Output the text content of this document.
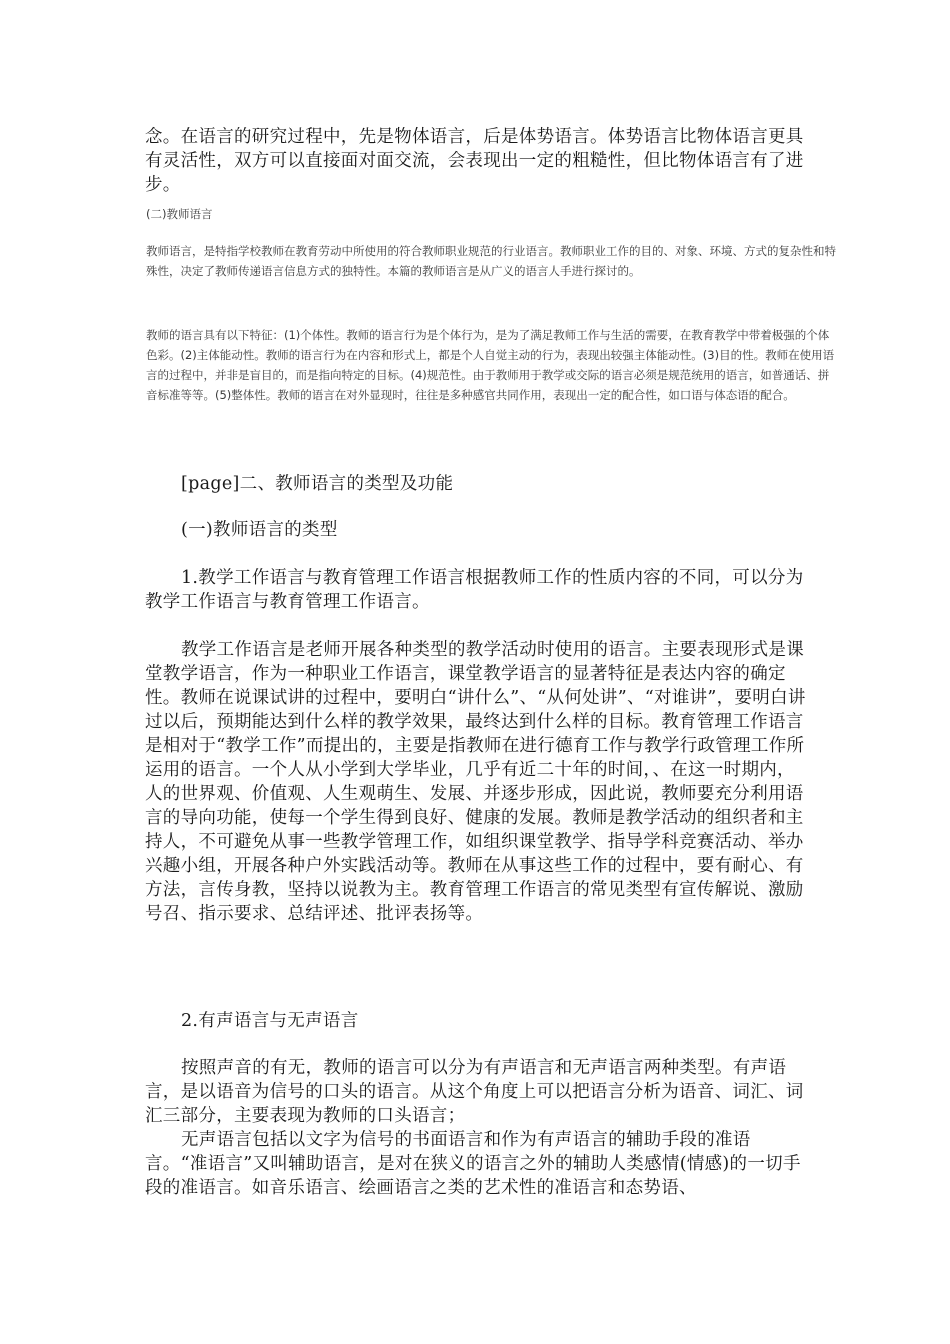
念。在语言的研究过程中，先是物体语言，后是体势语言。体势语言比物体语言更具有灵活性，双方可以直接面对面交流，会表现出一定的粗糙性，但比物体语言有了进步。

(二)教师语言

教师语言，是特指学校教师在教育劳动中所使用的符合教师职业规范的行业语言。教师职业工作的目的、对象、环境、方式的复杂性和特殊性，决定了教师传递语言信息方式的独特性。本篇的教师语言是从广义的语言人手进行探讨的。

教师的语言具有以下特征：(1)个体性。教师的语言行为是个体行为，是为了满足教师工作与生活的需要，在教育教学中带着极强的个体色彩。(2)主体能动性。教师的语言行为在内容和形式上，都是个人自觉主动的行为，表现出较强主体能动性。(3)目的性。教师在使用语言的过程中，并非是盲目的，而是指向特定的目标。(4)规范性。由于教师用于教学或交际的语言必须是规范统用的语言，如普通话、拼音标准等等。(5)整体性。教师的语言在对外显现时，往往是多种感官共同作用，表现出一定的配合性，如口语与体态语的配合。

[page]二、教师语言的类型及功能

(一)教师语言的类型

1.教学工作语言与教育管理工作语言根据教师工作的性质内容的不同，可以分为教学工作语言与教育管理工作语言。

教学工作语言是老师开展各种类型的教学活动时使用的语言。主要表现形式是课堂教学语言，作为一种职业工作语言，课堂教学语言的显著特征是表达内容的确定性。教师在说课试讲的过程中，要明白“讲什么”、“从何处讲”、“对谁讲”，要明白讲过以后，预期能达到什么样的教学效果，最终达到什么样的目标。教育管理工作语言是相对于“教学工作”而提出的，主要是指教师在进行德育工作与教学行政管理工作所运用的语言。一个人从小学到大学毕业，几乎有近二十年的时间，、在这一时期内，人的世界观、价值观、人生观萌生、发展、并逐步形成，因此说，教师要充分利用语言的导向功能，使每一个学生得到良好、健康的发展。教师是教学活动的组织者和主持人，不可避免从事一些教学管理工作，如组织课堂教学、指导学科竞赛活动、举办兴趣小组，开展各种户外实践活动等。教师在从事这些工作的过程中，要有耐心、有方法，言传身教，坚持以说教为主。教育管理工作语言的常见类型有宣传解说、激励号召、指示要求、总结评述、批评表扬等。

2.有声语言与无声语言

按照声音的有无，教师的语言可以分为有声语言和无声语言两种类型。有声语言，是以语音为信号的口头的语言。从这个角度上可以把语言分析为语音、词汇、词汇三部分，主要表现为教师的口头语言；

无声语言包括以文字为信号的书面语言和作为有声语言的辅助手段的准语言。“准语言”又叫辅助语言，是对在狭义的语言之外的辅助人类感情(情感)的一切手段的准语言。如音乐语言、绘画语言之类的艺术性的准语言和态势语、
